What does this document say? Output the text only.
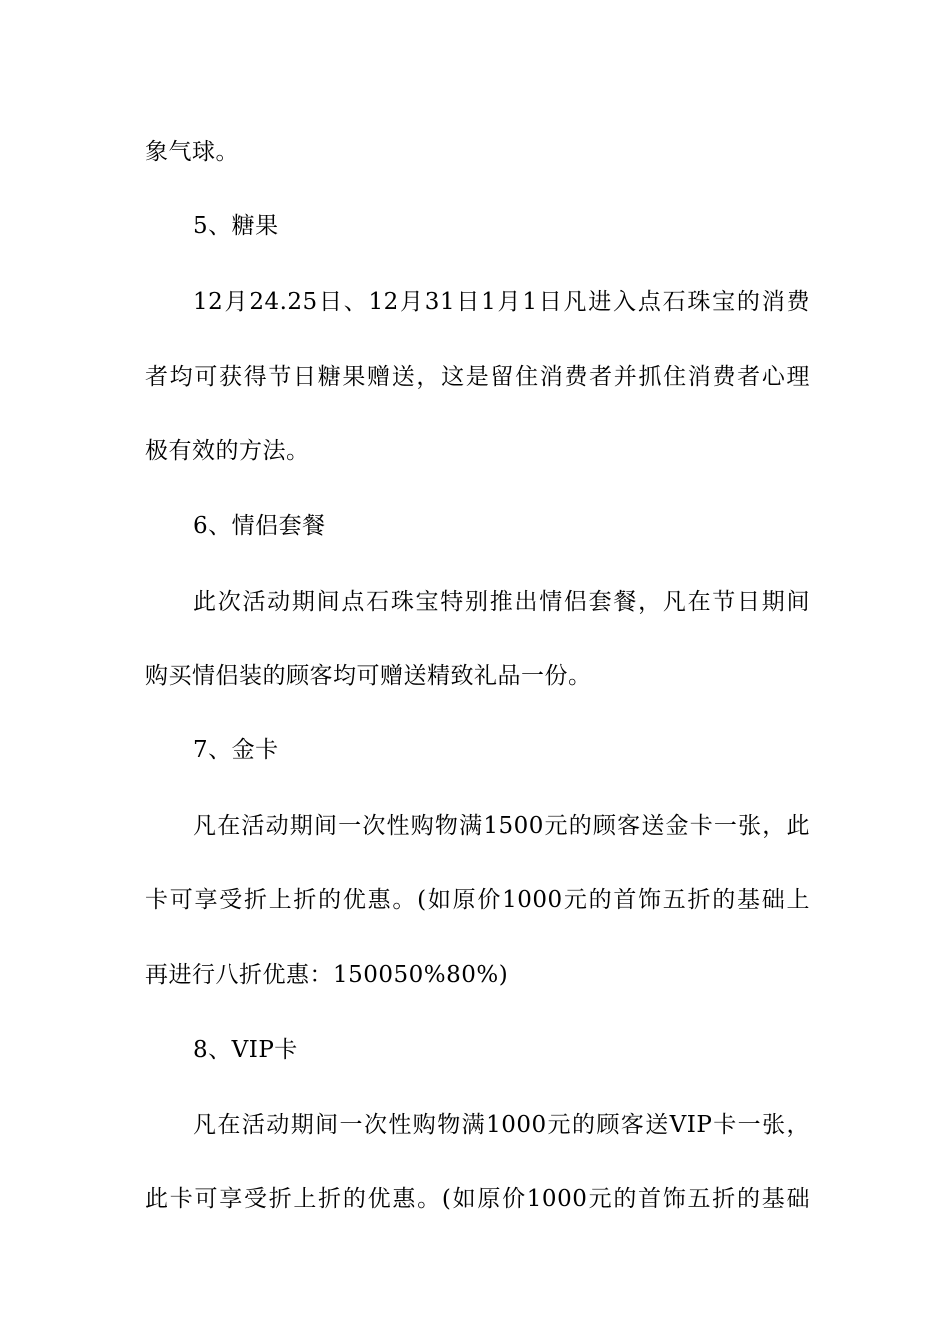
象气球。
5、糖果
12月24.25日、12月31日1月1日凡进入点石珠宝的消费
者均可获得节日糖果赠送，这是留住消费者并抓住消费者心理
极有效的方法。
6、情侣套餐
此次活动期间点石珠宝特别推出情侣套餐，凡在节日期间
购买情侣装的顾客均可赠送精致礼品一份。
7、金卡
凡在活动期间一次性购物满1500元的顾客送金卡一张，此
卡可享受折上折的优惠。(如原价1000元的首饰五折的基础上
再进行八折优惠：150050%80%)
8、VIP卡
凡在活动期间一次性购物满1000元的顾客送VIP卡一张，
此卡可享受折上折的优惠。(如原价1000元的首饰五折的基础
